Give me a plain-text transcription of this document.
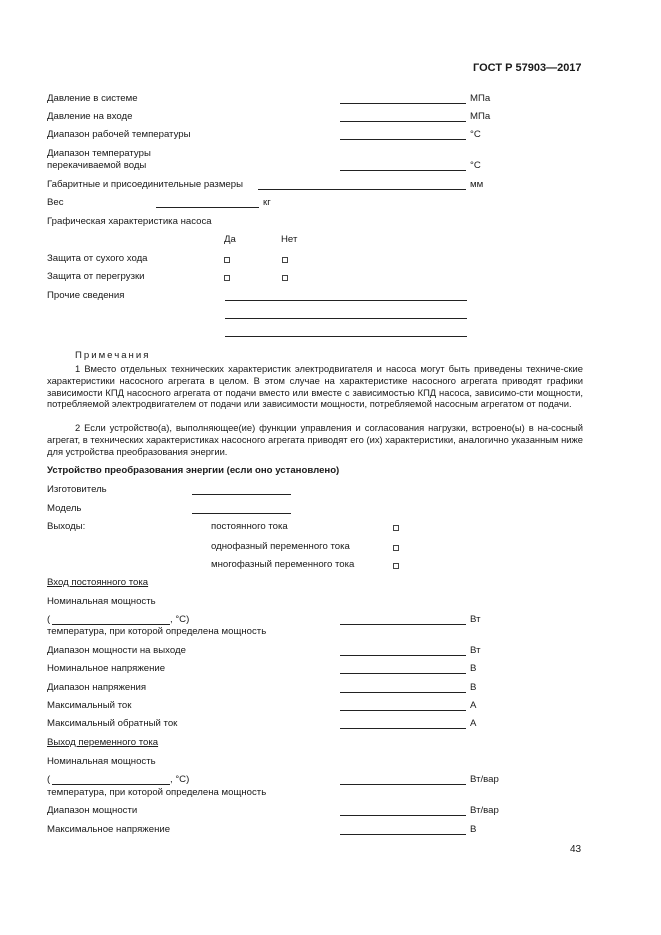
ГОСТ Р 57903—2017
Давление в системе	МПа
Давление на входе	МПа
Диапазон рабочей температуры	°C
Диапазон температуры
перекачиваемой воды	°C
Габаритные и присоединительные размеры	мм
Вес	кг
Графическая характеристика насоса
Да	Нет
Защита от сухого хода
Защита от перегрузки
Прочие сведения
Примечания

1 Вместо отдельных технических характеристик электродвигателя и насоса могут быть приведены техниче-ские характеристики насосного агрегата в целом. В этом случае на характеристике насосного агрегата приводят графики зависимости КПД насосного агрегата от подачи вместо или вместе с зависимостью КПД насоса, зависимо-сти мощности, потребляемой электродвигателем от подачи или зависимости мощности, потребляемой насосным агрегатом от подачи.

2 Если устройство(а), выполняющее(ие) функции управления и согласования нагрузки, встроено(ы) в на-сосный агрегат, в технических характеристиках насосного агрегата приводят его (их) характеристики, аналогично указанным ниже для устройства преобразования энергии.

Устройство преобразования энергии (если оно установлено)
Изготовитель
Модель
Выходы:	постоянного тока
однофазный переменного тока
многофазный переменного тока
Вход постоянного тока
Номинальная мощность
(	, °C)	Вт
температура, при которой определена мощность
Диапазон мощности на выходе	Вт
Номинальное напряжение	В
Диапазон напряжения	В
Максимальный ток	А
Максимальный обратный ток	А
Выход переменного тока
Номинальная мощность
(	, °C)	Вт/вар
температура, при которой определена мощность
Диапазон мощности	Вт/вар
Максимальное напряжение	В
43
